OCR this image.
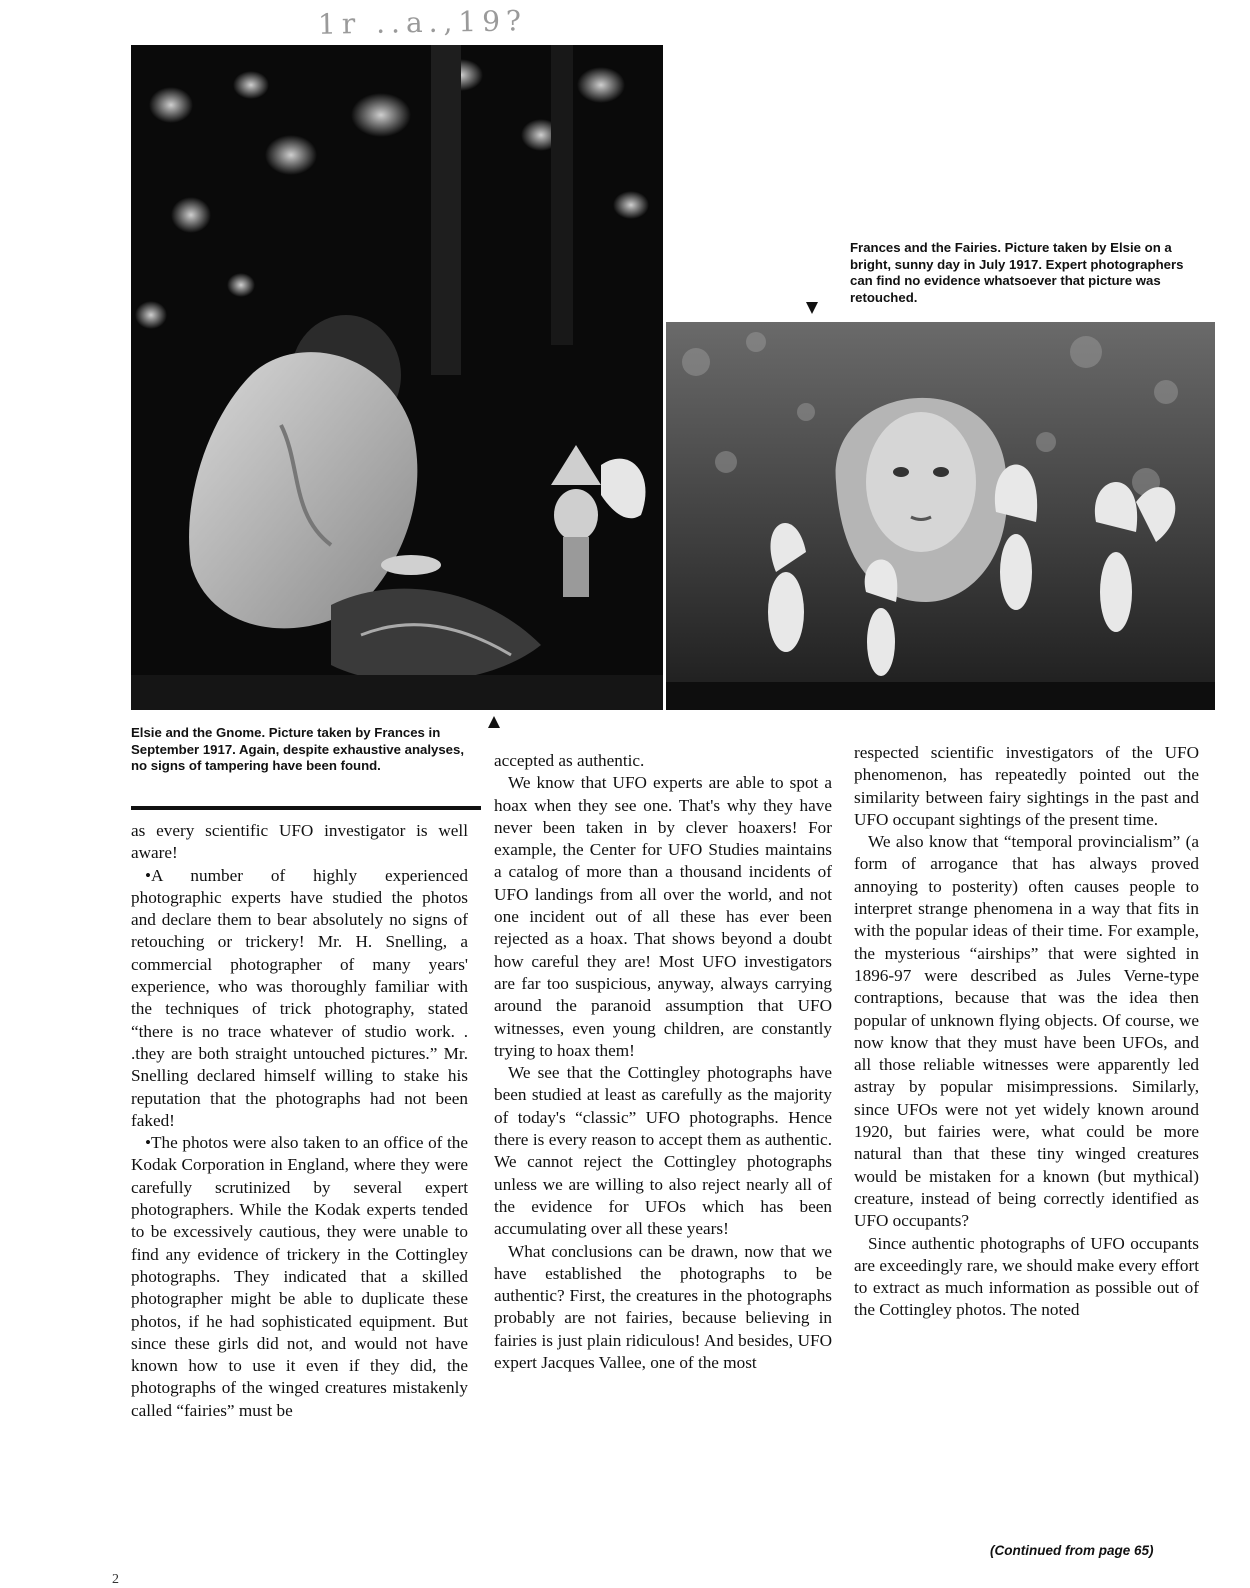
1r ..a.,19?
Frances and the Fairies. Picture taken by Elsie on a bright, sunny day in July 1917. Expert photographers can find no evidence whatsoever that picture was retouched.
Elsie and the Gnome. Picture taken by Frances in September 1917. Again, despite exhaustive analyses, no signs of tampering have been found.

as every scientific UFO investigator is well aware!

•A number of highly experienced photographic experts have studied the photos and declare them to bear absolutely no signs of retouching or trickery! Mr. H. Snelling, a commercial photographer of many years' experience, who was thoroughly familiar with the techniques of trick photography, stated “there is no trace whatever of studio work. . .they are both straight untouched pictures.” Mr. Snelling declared himself willing to stake his reputation that the photographs had not been faked!

•The photos were also taken to an office of the Kodak Corporation in England, where they were carefully scrutinized by several expert photographers. While the Kodak experts tended to be excessively cautious, they were unable to find any evidence of trickery in the Cottingley photographs. They indicated that a skilled photographer might be able to duplicate these photos, if he had sophisticated equipment. But since these girls did not, and would not have known how to use it even if they did, the photographs of the winged creatures mistakenly called “fairies” must be

accepted as authentic.

We know that UFO experts are able to spot a hoax when they see one. That's why they have never been taken in by clever hoaxers! For example, the Center for UFO Studies maintains a catalog of more than a thousand incidents of UFO landings from all over the world, and not one incident out of all these has ever been rejected as a hoax. That shows beyond a doubt how careful they are! Most UFO investigators are far too suspicious, anyway, always carrying around the paranoid assumption that UFO witnesses, even young children, are constantly trying to hoax them!

We see that the Cottingley photographs have been studied at least as carefully as the majority of today's “classic” UFO photographs. Hence there is every reason to accept them as authentic. We cannot reject the Cottingley photographs unless we are willing to also reject nearly all of the evidence for UFOs which has been accumulating over all these years!

What conclusions can be drawn, now that we have established the photographs to be authentic? First, the creatures in the photographs probably are not fairies, because believing in fairies is just plain ridiculous! And besides, UFO expert Jacques Vallee, one of the most

respected scientific investigators of the UFO phenomenon, has repeatedly pointed out the similarity between fairy sightings in the past and UFO occupant sightings of the present time.

We also know that “temporal provincialism” (a form of arrogance that has always proved annoying to posterity) often causes people to interpret strange phenomena in a way that fits in with the popular ideas of their time. For example, the mysterious “airships” that were sighted in 1896-97 were described as Jules Verne-type contraptions, because that was the idea then popular of unknown flying objects. Of course, we now know that they must have been UFOs, and all those reliable witnesses were apparently led astray by popular misimpressions. Similarly, since UFOs were not yet widely known around 1920, but fairies were, what could be more natural than that these tiny winged creatures would be mistaken for a known (but mythical) creature, instead of being correctly identified as UFO occupants?

Since authentic photographs of UFO occupants are exceedingly rare, we should make every effort to extract as much information as possible out of the Cottingley photos. The noted

(Continued from page 65)
2
